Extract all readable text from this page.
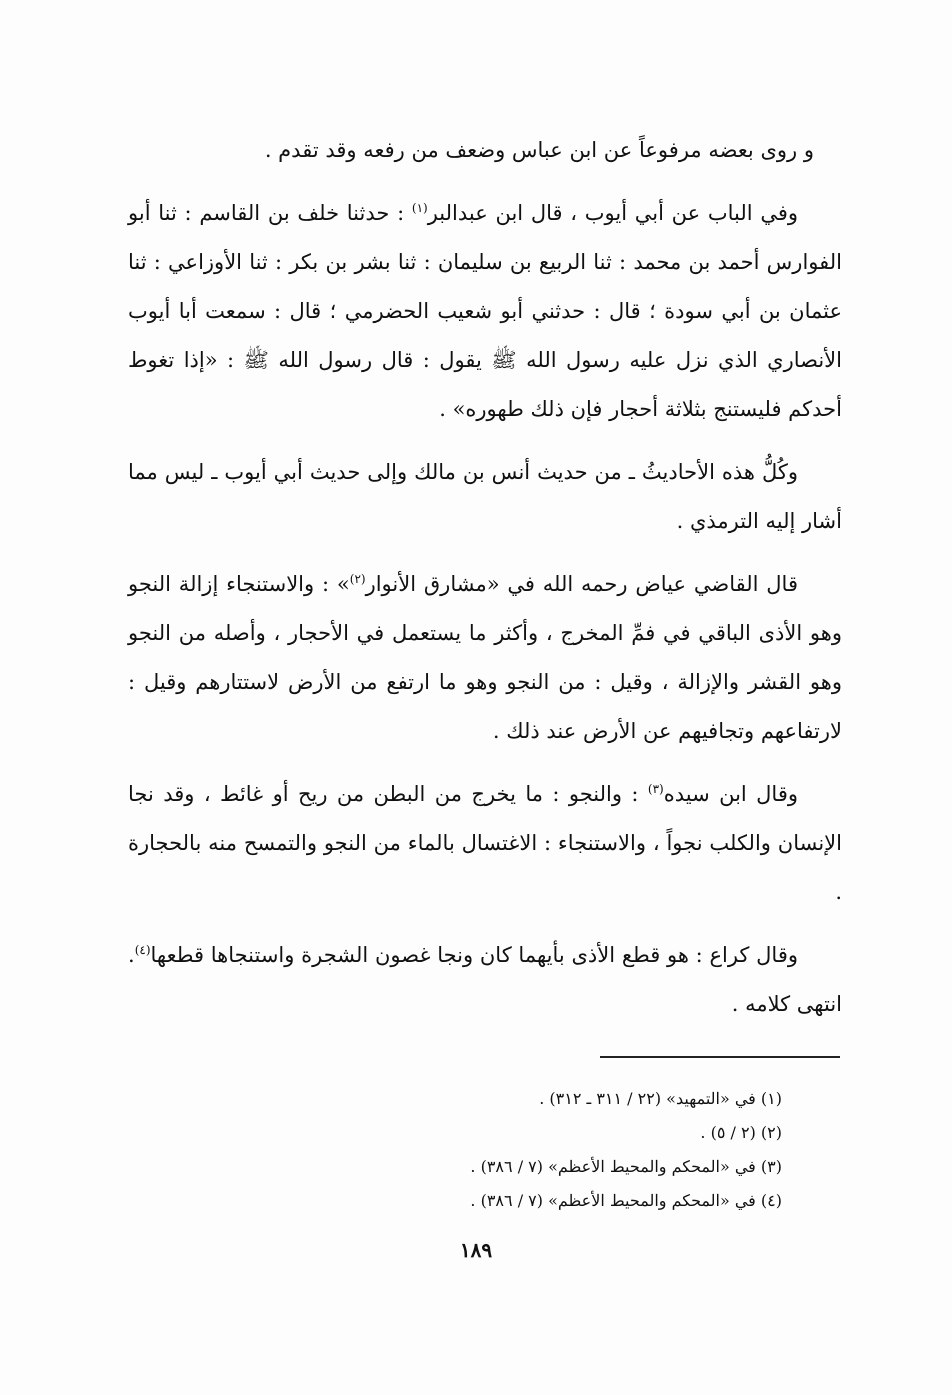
و روى بعضه مرفوعاً عن ابن عباس وضعف من رفعه وقد تقدم .

وفي الباب عن أبي أيوب ، قال ابن عبدالبر$^{(١)}$ : حدثنا خلف بن القاسم : ثنا أبو الفوارس أحمد بن محمد : ثنا الربيع بن سليمان : ثنا بشر بن بكر : ثنا الأوزاعي : ثنا عثمان بن أبي سودة ؛ قال : حدثني أبو شعيب الحضرمي ؛ قال : سمعت أبا أيوب الأنصاري الذي نزل عليه رسول الله ﷺ يقول : قال رسول الله ﷺ : «إذا تغوط أحدكم فليستنج بثلاثة أحجار فإن ذلك طهوره» .

وكُلُّ هذه الأحاديثُ ـ من حديث أنس بن مالك وإلى حديث أبي أيوب ـ ليس مما أشار إليه الترمذي .

قال القاضي عياض رحمه الله في «مشارق الأنوار$^{(٢)}$» : والاستنجاء إزالة النجو وهو الأذى الباقي في فمِّ المخرج ، وأكثر ما يستعمل في الأحجار ، وأصله من النجو وهو القشر والإزالة ، وقيل : من النجو وهو ما ارتفع من الأرض لاستتارهم وقيل : لارتفاعهم وتجافيهم عن الأرض عند ذلك .

وقال ابن سيده$^{(٣)}$ : والنجو : ما يخرج من البطن من ريح أو غائط ، وقد نجا الإنسان والكلب نجواً ، والاستنجاء : الاغتسال بالماء من النجو والتمسح منه بالحجارة .

وقال كراع : هو قطع الأذى بأيهما كان ونجا غصون الشجرة واستنجاها قطعها$^{(٤)}$. انتهى كلامه .

(١) في «التمهيد» (٢٢ / ٣١١ ـ ٣١٢) .

(٢) (٢ / ٥) .

(٣) في «المحكم والمحيط الأعظم» (٧ / ٣٨٦) .

(٤) في «المحكم والمحيط الأعظم» (٧ / ٣٨٦) .

١٨٩
